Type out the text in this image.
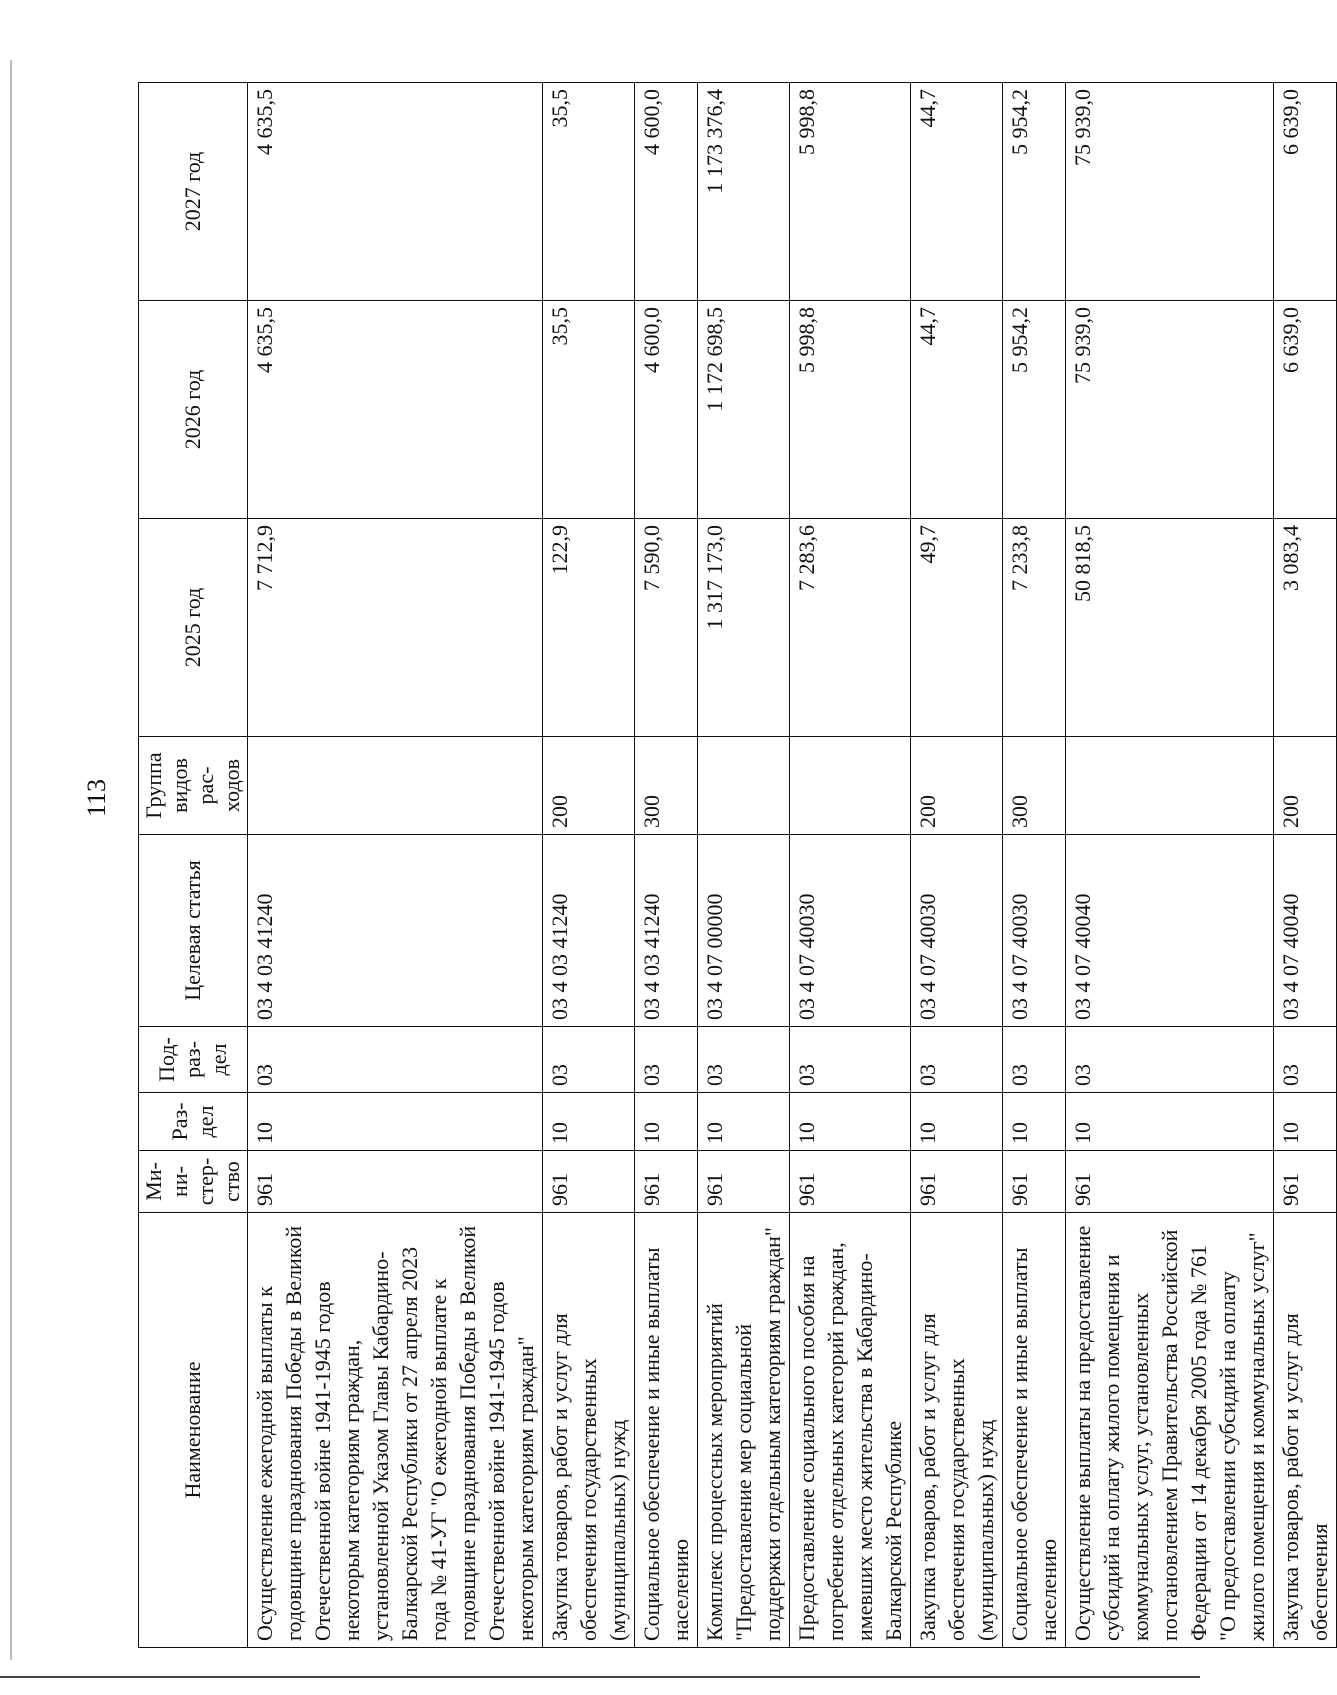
113
Наименование	Ми-ни-стер-ство	Раз-дел	Под-раз-дел	Целевая статья	Группа видов рас-ходов	2025 год	2026 год	2027 год
Осуществление ежегодной выплаты к годовщине празднования Победы в Великой Отечественной войне 1941-1945 годов некоторым категориям граждан, установленной Указом Главы Кабардино-Балкарской Республики от 27 апреля 2023 года № 41-УГ "О ежегодной выплате к годовщине празднования Победы в Великой Отечественной войне 1941-1945 годов некоторым категориям граждан"	961	10	03	03 4 03 41240		7 712,9	4 635,5	4 635,5
Закупка товаров, работ и услуг для обеспечения государственных (муниципальных) нужд	961	10	03	03 4 03 41240	200	122,9	35,5	35,5
Социальное обеспечение и иные выплаты населению	961	10	03	03 4 03 41240	300	7 590,0	4 600,0	4 600,0
Комплекс процессных мероприятий "Предоставление мер социальной поддержки отдельным категориям граждан"	961	10	03	03 4 07 00000		1 317 173,0	1 172 698,5	1 173 376,4
Предоставление социального пособия на погребение отдельных категорий граждан, имевших место жительства в Кабардино-Балкарской Республике	961	10	03	03 4 07 40030		7 283,6	5 998,8	5 998,8
Закупка товаров, работ и услуг для обеспечения государственных (муниципальных) нужд	961	10	03	03 4 07 40030	200	49,7	44,7	44,7
Социальное обеспечение и иные выплаты населению	961	10	03	03 4 07 40030	300	7 233,8	5 954,2	5 954,2
Осуществление выплаты на предоставление субсидий на оплату жилого помещения и коммунальных услуг, установленных постановлением Правительства Российской Федерации от 14 декабря 2005 года № 761 "О предоставлении субсидий на оплату жилого помещения и коммунальных услуг"	961	10	03	03 4 07 40040		50 818,5	75 939,0	75 939,0
Закупка товаров, работ и услуг для обеспечения	961	10	03	03 4 07 40040	200	3 083,4	6 639,0	6 639,0
